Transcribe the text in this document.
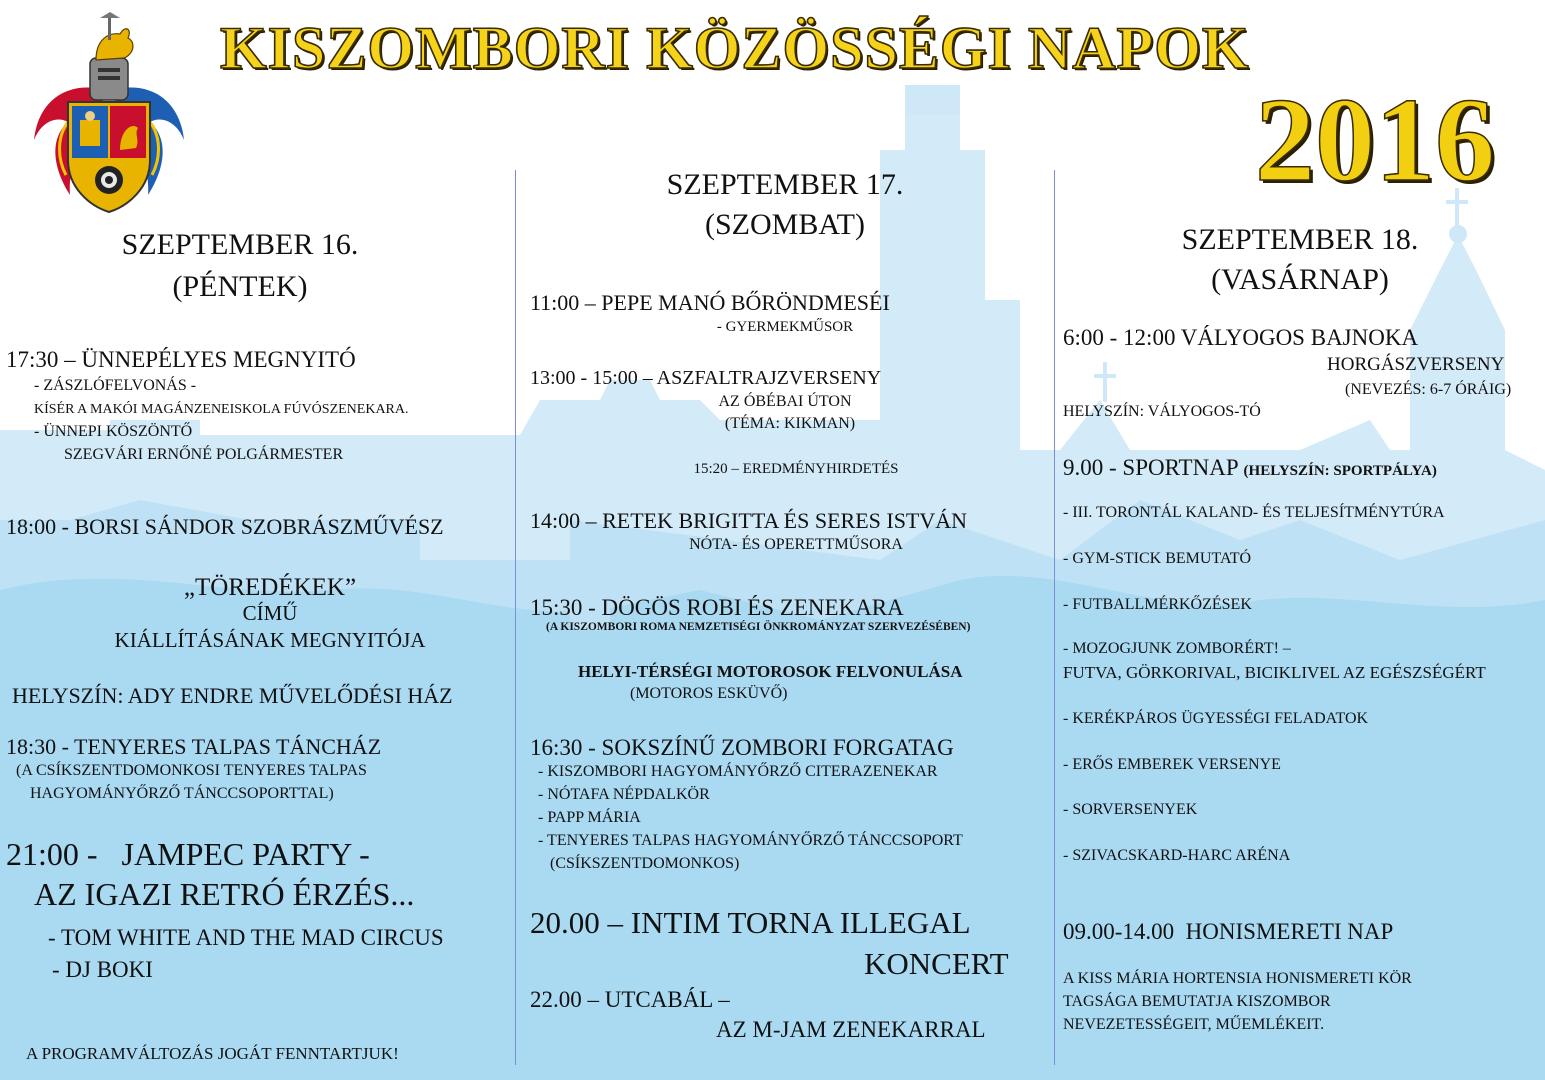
KISZOMBORI KÖZÖSSÉGI NAPOK
2016
SZEPTEMBER 16.
(PÉNTEK)
17:30 – ÜNNEPÉLYES MEGNYITÓ
- ZÁSZLÓFELVONÁS -
KÍSÉR A MAKÓI MAGÁNZENEISKOLA FÚVÓSZENEKARA.
- ÜNNEPI KÖSZÖNTŐ
SZEGVÁRI ERNŐNÉ POLGÁRMESTER
18:00 - BORSI SÁNDOR SZOBRÁSZMŰVÉSZ
„TÖREDÉKEK”
CÍMŰ
KIÁLLÍTÁSÁNAK MEGNYITÓJA
HELYSZÍN: ADY ENDRE MŰVELŐDÉSI HÁZ
18:30 - TENYERES TALPAS TÁNCHÁZ
(A CSÍKSZENTDOMONKOSI TENYERES TALPAS
HAGYOMÁNYŐRZŐ TÁNCCSOPORTTAL)
21:00 -   JAMPEC PARTY -
AZ IGAZI RETRÓ ÉRZÉS...
- TOM WHITE AND THE MAD CIRCUS
- DJ BOKI
A PROGRAMVÁLTOZÁS JOGÁT FENNTARTJUK!
SZEPTEMBER 17.
(SZOMBAT)
11:00 – PEPE MANÓ BŐRÖNDMESÉI
- GYERMEKMŰSOR
13:00 - 15:00 – ASZFALTRAJZVERSENY
AZ ÓBÉBAI ÚTON
(TÉMA: KIKMAN)
15:20 – EREDMÉNYHIRDETÉS
14:00 – RETEK BRIGITTA ÉS SERES ISTVÁN
NÓTA- ÉS OPERETTMŰSORA
15:30 - DÖGÖS ROBI ÉS ZENEKARA
(A KISZOMBORI ROMA NEMZETISÉGI ÖNKROMÁNYZAT SZERVEZÉSÉBEN)
HELYI-TÉRSÉGI MOTOROSOK FELVONULÁSA
(MOTOROS ESKÜVŐ)
16:30 - SOKSZÍNŰ ZOMBORI FORGATAG
- KISZOMBORI HAGYOMÁNYŐRZŐ CITERAZENEKAR
- NÓTAFA NÉPDALKÖR
- PAPP MÁRIA
- TENYERES TALPAS HAGYOMÁNYŐRZŐ TÁNCCSOPORT
(CSÍKSZENTDOMONKOS)
20.00 – INTIM TORNA ILLEGAL
KONCERT
22.00 – UTCABÁL –
AZ M-JAM ZENEKARRAL
SZEPTEMBER 18.
(VASÁRNAP)
6:00 - 12:00 VÁLYOGOS BAJNOKA
HORGÁSZVERSENY
(NEVEZÉS: 6-7 ÓRÁIG)
HELYSZÍN: VÁLYOGOS-TÓ
9.00 - SPORTNAP (HELYSZÍN: SPORTPÁLYA)
- III. TORONTÁL KALAND- ÉS TELJESÍTMÉNYTÚRA
- GYM-STICK BEMUTATÓ
- FUTBALLMÉRKŐZÉSEK
- MOZOGJUNK ZOMBORÉRT! –
FUTVA, GÖRKORIVAL, BICIKLIVEL AZ EGÉSZSÉGÉRT
- KERÉKPÁROS ÜGYESSÉGI FELADATOK
- ERŐS EMBEREK VERSENYE
- SORVERSENYEK
- SZIVACSKARD-HARC ARÉNA
09.00-14.00  HONISMERETI NAP
A KISS MÁRIA HORTENSIA HONISMERETI KÖR
TAGSÁGA BEMUTATJA KISZOMBOR
NEVEZETESSÉGEIT, MŰEMLÉKEIT.
